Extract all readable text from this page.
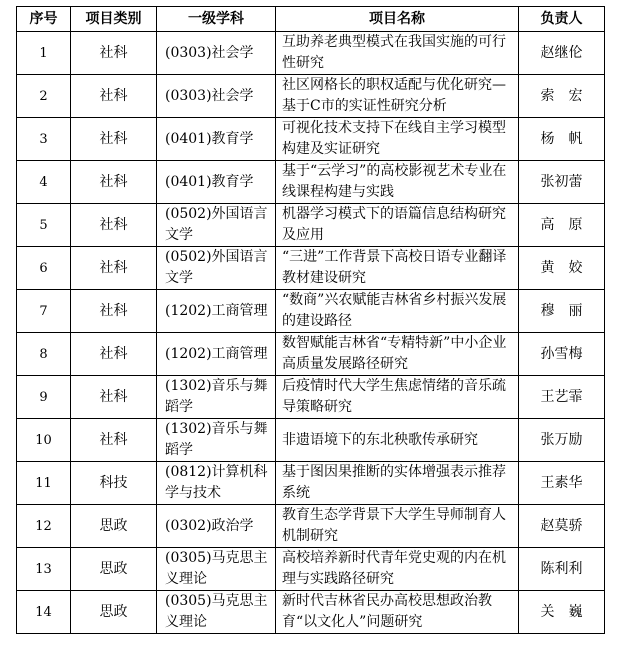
序号	项目类别	一级学科	项目名称	负责人
1	社科	(0303)社会学	互助养老典型模式在我国实施的可行性研究	赵继伦
2	社科	(0303)社会学	社区网格长的职权适配与优化研究—基于C市的实证性研究分析	索　宏
3	社科	(0401)教育学	可视化技术支持下在线自主学习模型构建及实证研究	杨　帆
4	社科	(0401)教育学	基于“云学习”的高校影视艺术专业在线课程构建与实践	张初蕾
5	社科	(0502)外国语言文学	机器学习模式下的语篇信息结构研究及应用	高　原
6	社科	(0502)外国语言文学	“三进”工作背景下高校日语专业翻译教材建设研究	黄　姣
7	社科	(1202)工商管理	“数商”兴农赋能吉林省乡村振兴发展的建设路径	穆　丽
8	社科	(1202)工商管理	数智赋能吉林省“专精特新”中小企业高质量发展路径研究	孙雪梅
9	社科	(1302)音乐与舞蹈学	后疫情时代大学生焦虑情绪的音乐疏导策略研究	王艺霏
10	社科	(1302)音乐与舞蹈学	非遗语境下的东北秧歌传承研究	张万励
11	科技	(0812)计算机科学与技术	基于图因果推断的实体增强表示推荐系统	王素华
12	思政	(0302)政治学	教育生态学背景下大学生导师制育人机制研究	赵莫骄
13	思政	(0305)马克思主义理论	高校培养新时代青年党史观的内在机理与实践路径研究	陈利利
14	思政	(0305)马克思主义理论	新时代吉林省民办高校思想政治教育“以文化人”问题研究	关　巍
